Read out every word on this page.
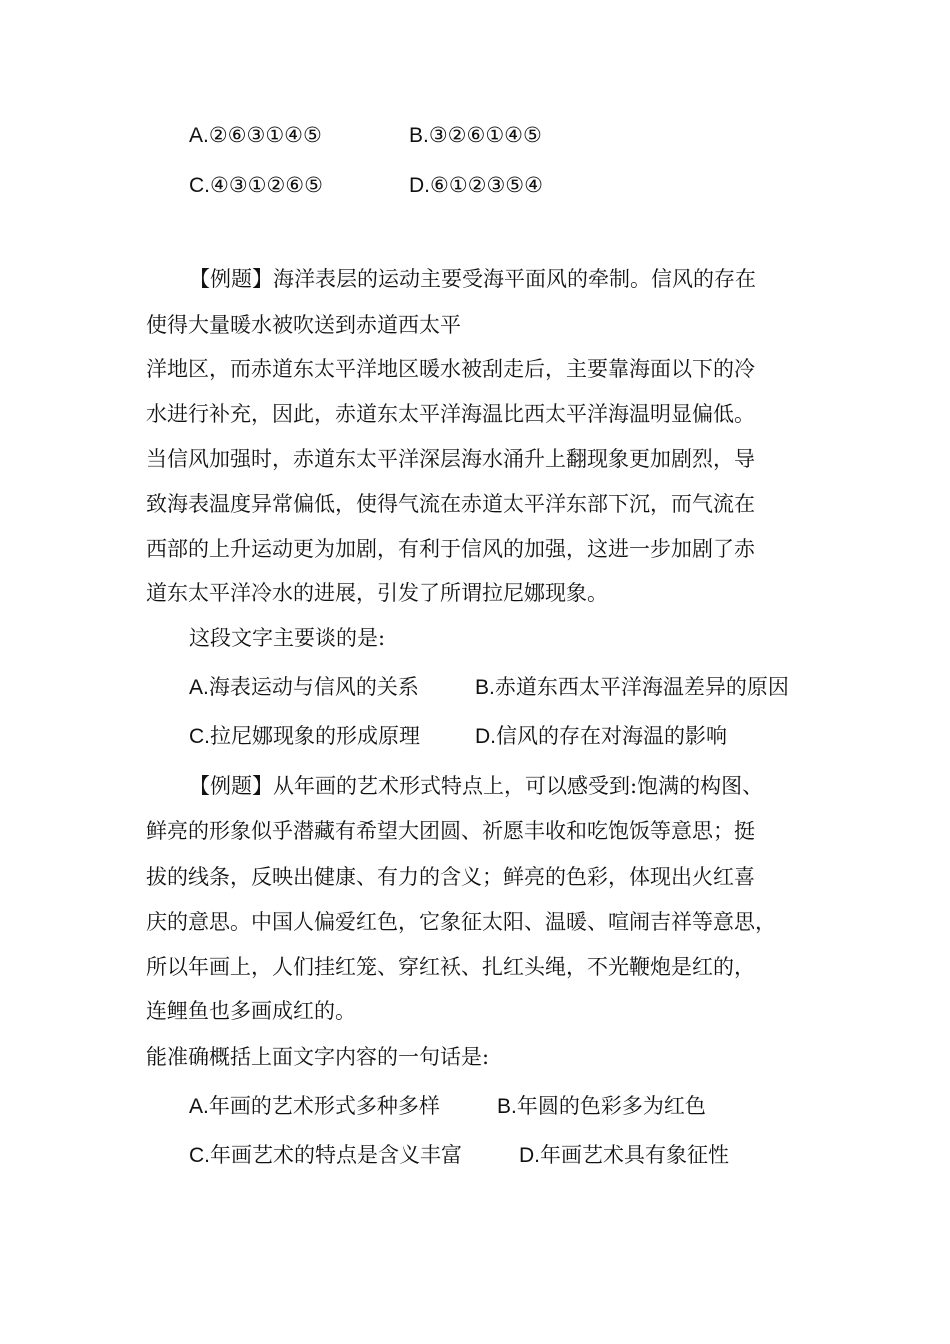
A.②⑥③①④⑤	B.③②⑥①④⑤
C.④③①②⑥⑤	D.⑥①②③⑤④
【例题】海洋表层的运动主要受海平面风的牵制。信风的存在
使得大量暖水被吹送到赤道西太平
洋地区，而赤道东太平洋地区暖水被刮走后，主要靠海面以下的冷
水进行补充，因此，赤道东太平洋海温比西太平洋海温明显偏低。
当信风加强时，赤道东太平洋深层海水涌升上翻现象更加剧烈，导
致海表温度异常偏低，使得气流在赤道太平洋东部下沉，而气流在
西部的上升运动更为加剧，有利于信风的加强，这进一步加剧了赤
道东太平洋冷水的进展，引发了所谓拉尼娜现象。
这段文字主要谈的是:
A.海表运动与信风的关系	B.赤道东西太平洋海温差异的原因
C.拉尼娜现象的形成原理	D.信风的存在对海温的影响
【例题】从年画的艺术形式特点上，可以感受到:饱满的构图、
鲜亮的形象似乎潜藏有希望大团圆、祈愿丰收和吃饱饭等意思；挺
拔的线条，反映出健康、有力的含义；鲜亮的色彩，体现出火红喜
庆的意思。中国人偏爱红色，它象征太阳、温暖、喧闹吉祥等意思，
所以年画上，人们挂红笼、穿红袄、扎红头绳，不光鞭炮是红的，
连鲤鱼也多画成红的。
能准确概括上面文字内容的一句话是:
A.年画的艺术形式多种多样	B.年圆的色彩多为红色
C.年画艺术的特点是含义丰富	D.年画艺术具有象征性
